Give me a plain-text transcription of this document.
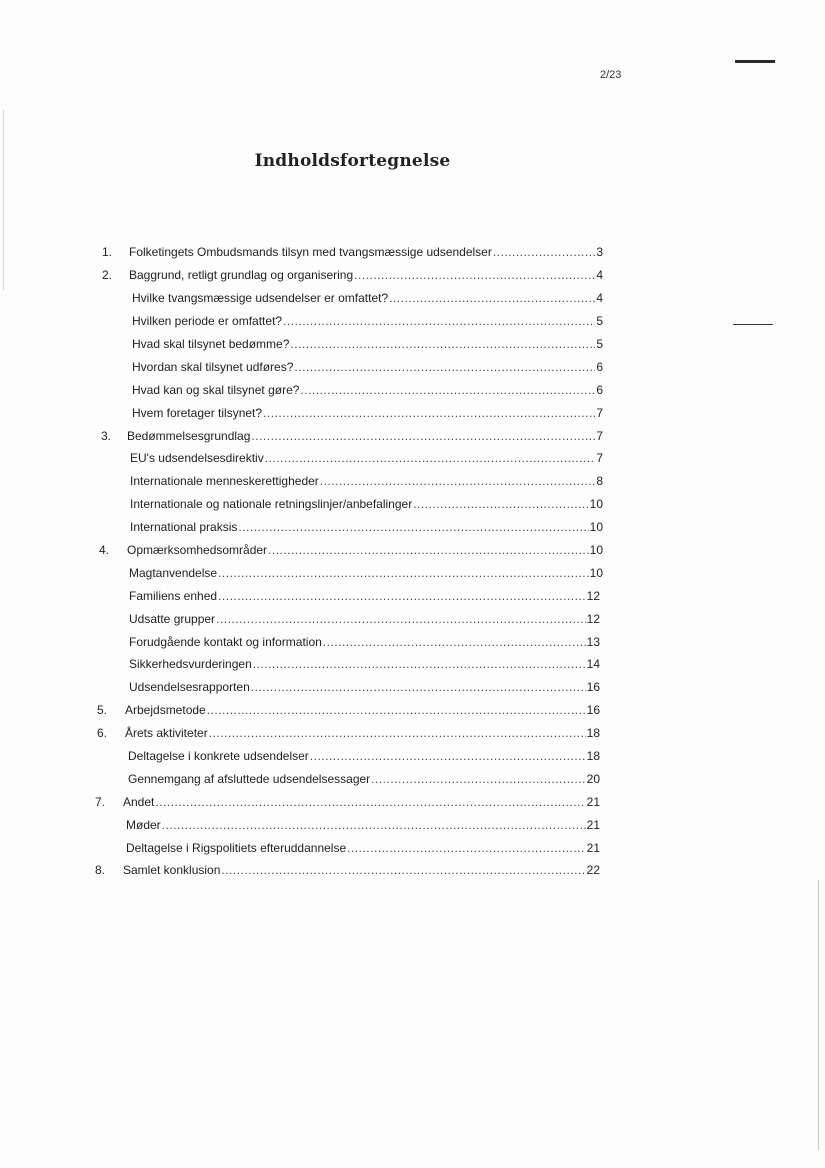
2/23
Indholdsfortegnelse
1.	Folketingets Ombudsmands tilsyn med tvangsmæssige udsendelser .....	3
2.	Baggrund, retligt grundlag og organisering .....	4
Hvilke tvangsmæssige udsendelser er omfattet? .....	4
Hvilken periode er omfattet? .....	5
Hvad skal tilsynet bedømme? .....	5
Hvordan skal tilsynet udføres? .....	6
Hvad kan og skal tilsynet gøre? .....	6
Hvem foretager tilsynet? .....	7
3.	Bedømmelsesgrundlag .....	7
EU's udsendelsesdirektiv .....	7
Internationale menneskerettigheder .....	8
Internationale og nationale retningslinjer/anbefalinger .....	10
International praksis .....	10
4.	Opmærksomhedsområder .....	10
Magtanvendelse .....	10
Familiens enhed .....	12
Udsatte grupper .....	12
Forudgående kontakt og information .....	13
Sikkerhedsvurderingen .....	14
Udsendelsesrapporten .....	16
5.	Arbejdsmetode .....	16
6.	Årets aktiviteter .....	18
Deltagelse i konkrete udsendelser .....	18
Gennemgang af afsluttede udsendelsessager .....	20
7.	Andet .....	21
Møder .....	21
Deltagelse i Rigspolitiets efteruddannelse .....	21
8.	Samlet konklusion .....	22
